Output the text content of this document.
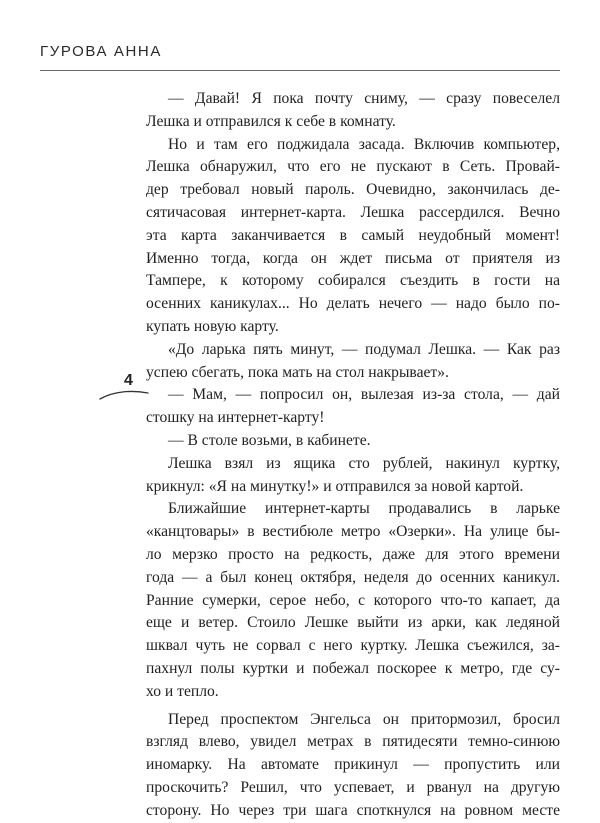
ГУРОВА АННА
4
— Давай! Я пока почту сниму, — сразу повеселел
Лешка и отправился к себе в комнату.
Но и там его поджидала засада. Включив компьютер,
Лешка обнаружил, что его не пускают в Сеть. Провай-
дер требовал новый пароль. Очевидно, закончилась де-
сятичасовая интернет-карта. Лешка рассердился. Вечно
эта карта заканчивается в самый неудобный момент!
Именно тогда, когда он ждет письма от приятеля из
Тампере, к которому собирался съездить в гости на
осенних каникулах... Но делать нечего — надо было по-
купать новую карту.
«До ларька пять минут, — подумал Лешка. — Как раз
успею сбегать, пока мать на стол накрывает».
— Мам, — попросил он, вылезая из-за стола, — дай
стошку на интернет-карту!
— В столе возьми, в кабинете.
Лешка взял из ящика сто рублей, накинул куртку,
крикнул: «Я на минутку!» и отправился за новой картой.
Ближайшие интернет-карты продавались в ларьке
«канцтовары» в вестибюле метро «Озерки». На улице бы-
ло мерзко просто на редкость, даже для этого времени
года — а был конец октября, неделя до осенних каникул.
Ранние сумерки, серое небо, с которого что-то капает, да
еще и ветер. Стоило Лешке выйти из арки, как ледяной
шквал чуть не сорвал с него куртку. Лешка съежился, за-
пахнул полы куртки и побежал поскорее к метро, где су-
хо и тепло.
Перед проспектом Энгельса он притормозил, бросил
взгляд влево, увидел метрах в пятидесяти темно-синюю
иномарку. На автомате прикинул — пропустить или
проскочить? Решил, что успевает, и рванул на другую
сторону. Но через три шага споткнулся на ровном месте
